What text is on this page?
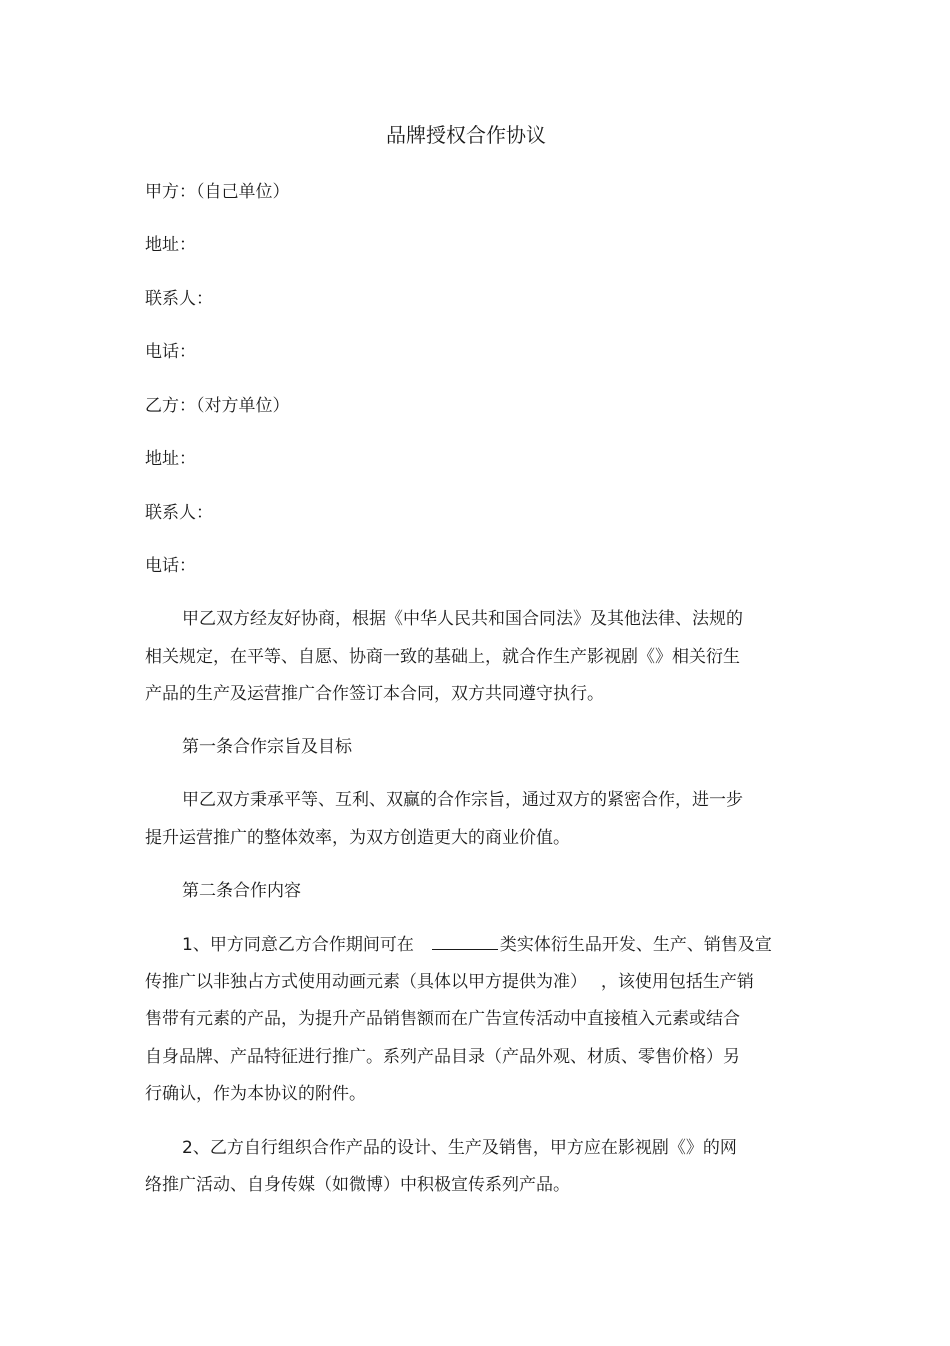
品牌授权合作协议
甲方：（自己单位）
地址：
联系人：
电话：
乙方：（对方单位）
地址：
联系人：
电话：
甲乙双方经友好协商，根据《中华人民共和国合同法》及其他法律、法规的
相关规定，在平等、自愿、协商一致的基础上，就合作生产影视剧《》相关衍生
产品的生产及运营推广合作签订本合同，双方共同遵守执行。
第一条合作宗旨及目标
甲乙双方秉承平等、互利、双赢的合作宗旨，通过双方的紧密合作，进一步
提升运营推广的整体效率，为双方创造更大的商业价值。
第二条合作内容
1、甲方同意乙方合作期间可在	类实体衍生品开发、生产、销售及宣
传推广以非独占方式使用动画元素（具体以甲方提供为准）　 ，该使用包括生产销
售带有元素的产品，为提升产品销售额而在广告宣传活动中直接植入元素或结合
自身品牌、产品特征进行推广。系列产品目录（产品外观、材质、零售价格）另
行确认，作为本协议的附件。
2、乙方自行组织合作产品的设计、生产及销售，甲方应在影视剧《》的网
络推广活动、自身传媒（如微博）中积极宣传系列产品。
